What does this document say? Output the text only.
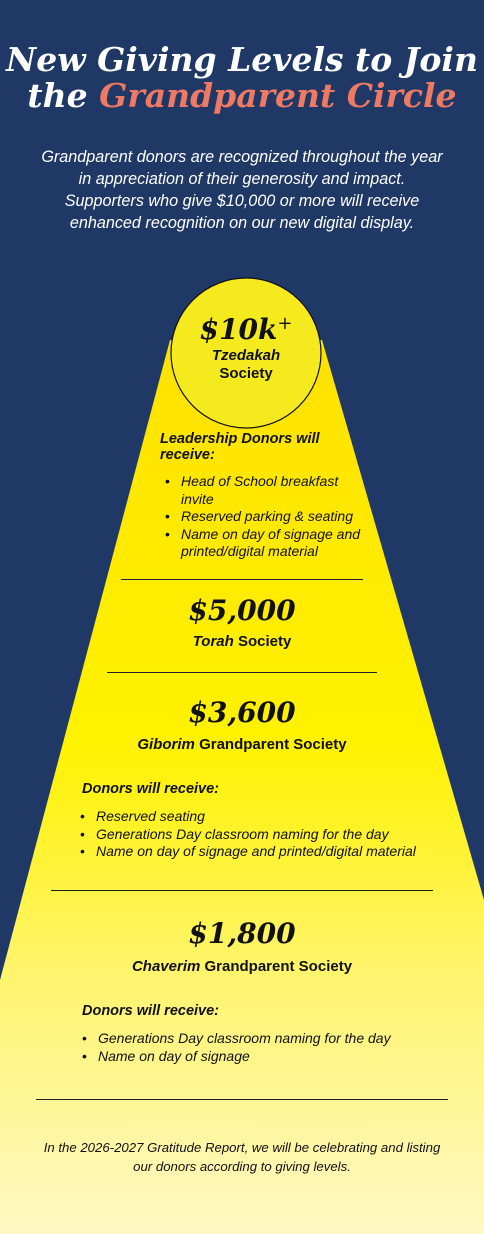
New Giving Levels to Join
the Grandparent Circle
Grandparent donors are recognized throughout the year in appreciation of their generosity and impact. Supporters who give $10,000 or more will receive enhanced recognition on our new digital display.
$10k+
Tzedakah
Society
Leadership Donors will receive:
• Head of School breakfast invite
• Reserved parking & seating
• Name on day of signage and printed/digital material
$5,000
Torah Society
$3,600
Giborim Grandparent Society
Donors will receive:
• Reserved seating
• Generations Day classroom naming for the day
• Name on day of signage and printed/digital material
$1,800
Chaverim Grandparent Society
Donors will receive:
• Generations Day classroom naming for the day
• Name on day of signage
In the 2026-2027 Gratitude Report, we will be celebrating and listing our donors according to giving levels.
